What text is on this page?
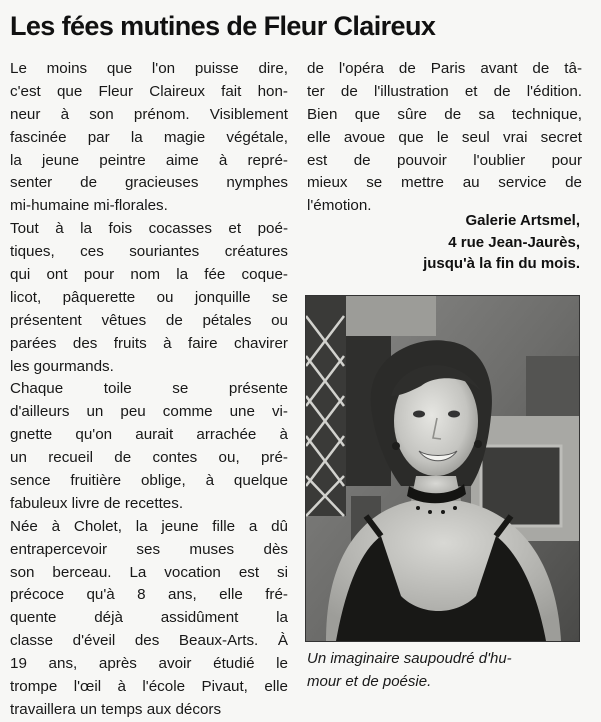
Les fées mutines de Fleur Claireux
Le moins que l'on puisse dire,
c'est que Fleur Claireux fait hon-
neur à son prénom. Visiblement
fascinée par la magie végétale,
la jeune peintre aime à repré-
senter de gracieuses nymphes
mi-humaine mi-florales.
Tout à la fois cocasses et poé-
tiques, ces souriantes créatures
qui ont pour nom la fée coque-
licot, pâquerette ou jonquille se
présentent vêtues de pétales ou
parées des fruits à faire chavirer
les gourmands.
Chaque toile se présente
d'ailleurs un peu comme une vi-
gnette qu'on aurait arrachée à
un recueil de contes ou, pré-
sence fruitière oblige, à quelque
fabuleux livre de recettes.
Née à Cholet, la jeune fille a dû
entrapercevoir ses muses dès
son berceau. La vocation est si
précoce qu'à 8 ans, elle fré-
quente déjà assidûment la
classe d'éveil des Beaux-Arts. À
19 ans, après avoir étudié le
trompe l'œil à l'école Pivaut, elle
travaillera un temps aux décors
de l'opéra de Paris avant de tâ-
ter de l'illustration et de l'édition.
Bien que sûre de sa technique,
elle avoue que le seul vrai secret
est de pouvoir l'oublier pour
mieux se mettre au service de
l'émotion.
Galerie Artsmel,
4 rue Jean-Jaurès,
jusqu'à la fin du mois.
Un imaginaire saupoudré d'hu-
mour et de poésie.
